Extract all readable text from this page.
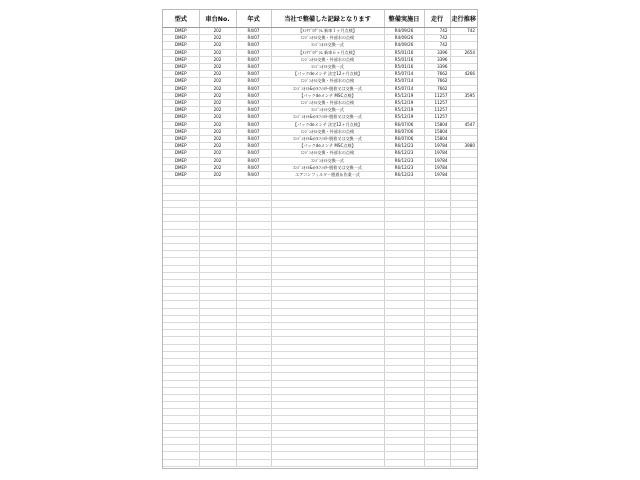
型式	車台No.	年式	当社で整備した記録となります	整備実施日	走行	走行推移
DMEP	202	R4/07	【ﾒﾝﾃﾌﾟﾛｸﾞﾗﾑ 新車１ヶ月点検】	R4/09/26	742	742
DMEP	202	R4/07	ｴﾝｼﾞﾝｵｲﾙ交換・外部水の点検	R4/09/26	742	
DMEP	202	R4/07	ｴﾝｼﾞﾝｵｲﾙ交換一式	R4/09/26	742	
DMEP	202	R4/07	【ﾒﾝﾃﾌﾟﾛｸﾞﾗﾑ 新車６ヶ月点検】	R5/01/16	3396	2654
DMEP	202	R4/07	ｴﾝｼﾞﾝｵｲﾙ交換・外部水の点検	R5/01/16	3396	
DMEP	202	R4/07	ｴﾝｼﾞﾝｵｲﾙ交換一式	R5/01/16	3396	
DMEP	202	R4/07	【パックdeメンテ 法定12ヶ月点検】	R5/07/14	7662	4266
DMEP	202	R4/07	ｴﾝｼﾞﾝｵｲﾙ交換・外部水の点検	R5/07/14	7662	
DMEP	202	R4/07	ｴﾝｼﾞﾝｵｲﾙ&ｵｲﾙﾌｨﾙﾀｰ脱着又は交換一式	R5/07/14	7662	
DMEP	202	R4/07	【パックdeメンテ MSC点検】	R5/12/19	11257	3595
DMEP	202	R4/07	ｴﾝｼﾞﾝｵｲﾙ交換・外部水の点検	R5/12/19	11257	
DMEP	202	R4/07	ｴﾝｼﾞﾝｵｲﾙ交換一式	R5/12/19	11257	
DMEP	202	R4/07	ｴﾝｼﾞﾝｵｲﾙ&ｵｲﾙﾌｨﾙﾀｰ脱着又は交換一式	R5/12/19	11257	
DMEP	202	R4/07	【パックdeメンテ 法定12ヶ月点検】	R6/07/06	15804	4547
DMEP	202	R4/07	ｴﾝｼﾞﾝｵｲﾙ交換・外部水の点検	R6/07/06	15804	
DMEP	202	R4/07	ｴﾝｼﾞﾝｵｲﾙ&ｵｲﾙﾌｨﾙﾀｰ脱着又は交換一式	R6/07/06	15804	
DMEP	202	R4/07	【パックdeメンテ MSC点検】	R6/12/23	19784	3980
DMEP	202	R4/07	ｴﾝｼﾞﾝｵｲﾙ交換・外部水の点検	R6/12/23	19784	
DMEP	202	R4/07	ｴﾝｼﾞﾝｵｲﾙ交換一式	R6/12/23	19784	
DMEP	202	R4/07	ｴﾝｼﾞﾝｵｲﾙ&ｵｲﾙﾌｨﾙﾀｰ脱着又は交換一式	R6/12/23	19784	
DMEP	202	R4/07	エアコンフィルター脱着＆作業一式	R6/12/23	19784	
